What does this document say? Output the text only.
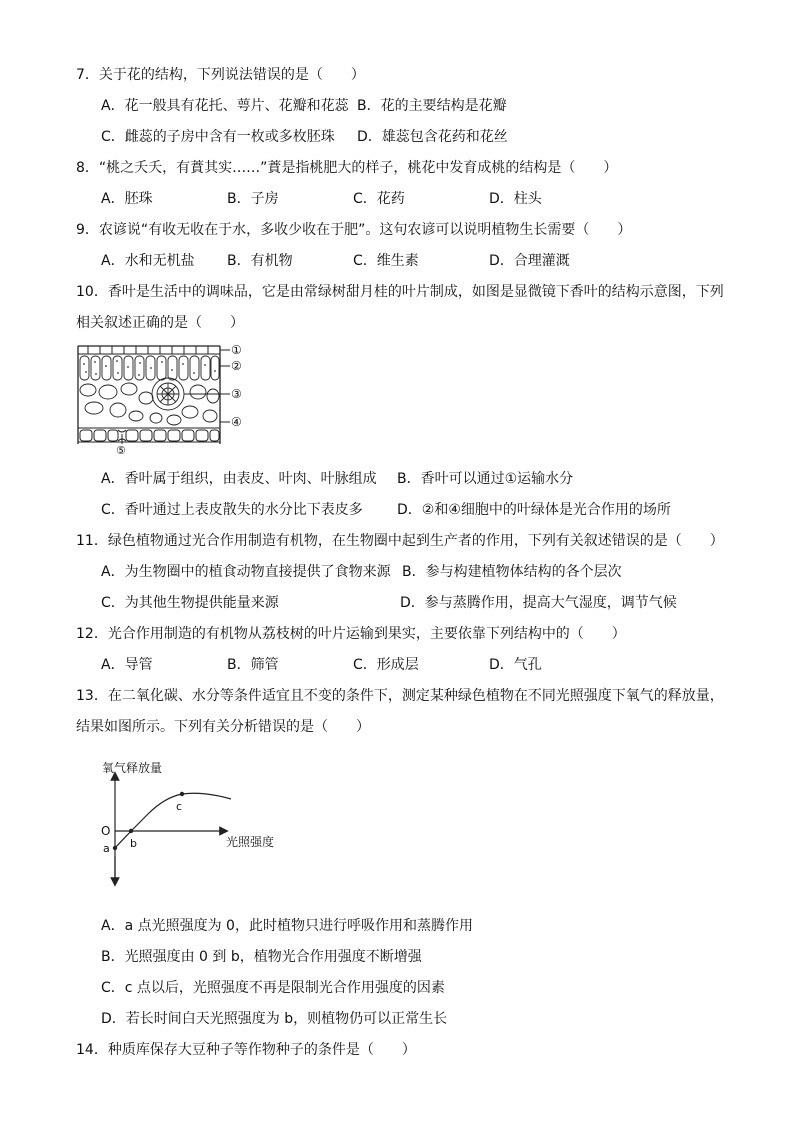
7．关于花的结构，下列说法错误的是（　　）
A．花一般具有花托、萼片、花瓣和花蕊 B．花的主要结构是花瓣
C．雌蕊的子房中含有一枚或多枚胚珠 D．雄蕊包含花药和花丝
8．“桃之夭夭，有蕡其实……”蕡是指桃肥大的样子，桃花中发育成桃的结构是（　　）
A．胚珠	B．子房	C．花药	D．柱头
9．农谚说“有收无收在于水，多收少收在于肥”。这句农谚可以说明植物生长需要（　　）
A．水和无机盐 B．有机物	C．维生素	D．合理灌溉
10．香叶是生活中的调味品，它是由常绿树甜月桂的叶片制成，如图是显微镜下香叶的结构示意图，下列
相关叙述正确的是（　　）
①
②
③
④
⑤
A．香叶属于组织，由表皮、叶肉、叶脉组成 B．香叶可以通过①运输水分
C．香叶通过上表皮散失的水分比下表皮多 D．②和④细胞中的叶绿体是光合作用的场所
11．绿色植物通过光合作用制造有机物，在生物圈中起到生产者的作用，下列有关叙述错误的是（　　）
A．为生物圈中的植食动物直接提供了食物来源 B．参与构建植物体结构的各个层次
C．为其他生物提供能量来源	D．参与蒸腾作用，提高大气湿度，调节气候
12．光合作用制造的有机物从荔枝树的叶片运输到果实，主要依靠下列结构中的（　　）
A．导管	B．筛管	C．形成层	D．气孔
13．在二氧化碳、水分等条件适宜且不变的条件下，测定某种绿色植物在不同光照强度下氧气的释放量，
结果如图所示。下列有关分析错误的是（　　）
氧气释放量
光照强度
O
a b
c
A．a 点光照强度为 0，此时植物只进行呼吸作用和蒸腾作用
B．光照强度由 0 到 b，植物光合作用强度不断增强
C．c 点以后，光照强度不再是限制光合作用强度的因素
D．若长时间白天光照强度为 b，则植物仍可以正常生长
14．种质库保存大豆种子等作物种子的条件是（　　）
